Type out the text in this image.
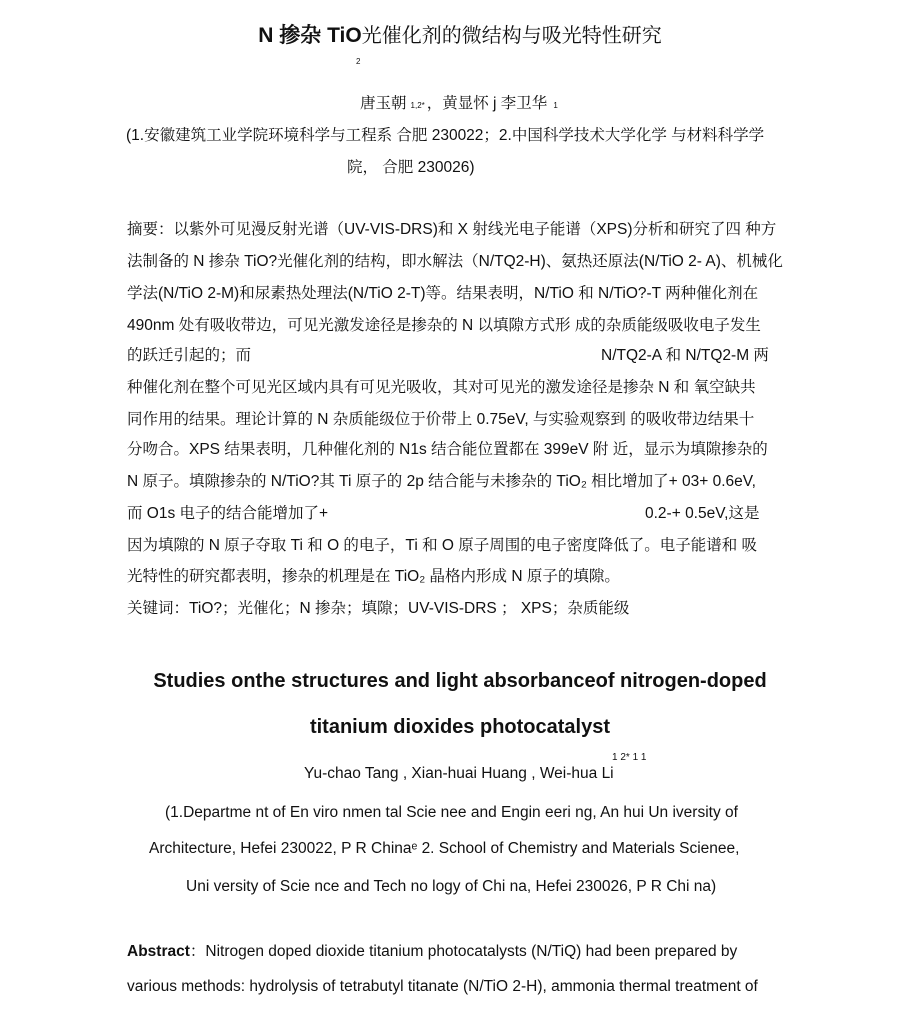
N 掺杂 TiO光催化剂的微结构与吸光特性研究
2
唐玉朝 1,2* ，黄显怀 j 李卫华 1
(1.安徽建筑工业学院环境科学与工程系 合肥 230022；2.中国科学技术大学化学 与材料科学学
院， 合肥 230026)
摘要：以紫外可见漫反射光谱（UV-VIS-DRS)和 X 射线光电子能谱（XPS)分析和研究了四 种方
法制备的 N 掺杂 TiO?光催化剂的结构，即水解法（N/TQ2-H)、氨热还原法(N/TiO 2- A)、机械化
学法(N/TiO 2-M)和尿素热处理法(N/TiO 2-T)等。结果表明，N/TiO 和 N/TiO?-T 两种催化剂在
490nm 处有吸收带边，可见光激发途径是掺杂的 N 以填隙方式形 成的杂质能级吸收电子发生
的跃迁引起的；而	N/TQ2-A 和 N/TQ2-M 两
种催化剂在整个可见光区域内具有可见光吸收，其对可见光的激发途径是掺杂 N 和 氧空缺共
同作用的结果。理论计算的 N 杂质能级位于价带上 0.75eV, 与实验观察到 的吸收带边结果十
分吻合。XPS 结果表明，几种催化剂的 N1s 结合能位置都在 399eV 附 近，显示为填隙掺杂的
N 原子。填隙掺杂的 N/TiO?其 Ti 原子的 2p 结合能与未掺杂的 TiO₂ 相比增加了+ 03+ 0.6eV,
而 O1s 电子的结合能增加了+	0.2-+ 0.5eV,这是
因为填隙的 N 原子夺取 Ti 和 O 的电子，Ti 和 O 原子周围的电子密度降低了。电子能谱和 吸
光特性的研究都表明，掺杂的机理是在 TiO₂ 晶格内形成 N 原子的填隙。
关键词：TiO?；光催化；N 掺杂；填隙；UV-VIS-DRS ； XPS；杂质能级
Studies onthe structures and light absorbanceof nitrogen-doped
titanium dioxides photocatalyst
1 2* 1 1
Yu-chao Tang , Xian-huai Huang , Wei-hua Li
(1.Departme nt of En viro nmen tal Scie nee and Engin eeri ng, An hui Un iversity of
Architecture, Hefei 230022, P R Chinaᵉ 2. School of Chemistry and Materials Scienee,
Uni versity of Scie nce and Tech no logy of Chi na, Hefei 230026, P R Chi na)
Abstract：Nitrogen doped dioxide titanium photocatalysts (N/TiQ) had been prepared by
various methods: hydrolysis of tetrabutyl titanate (N/TiO 2-H), ammonia thermal treatment of
